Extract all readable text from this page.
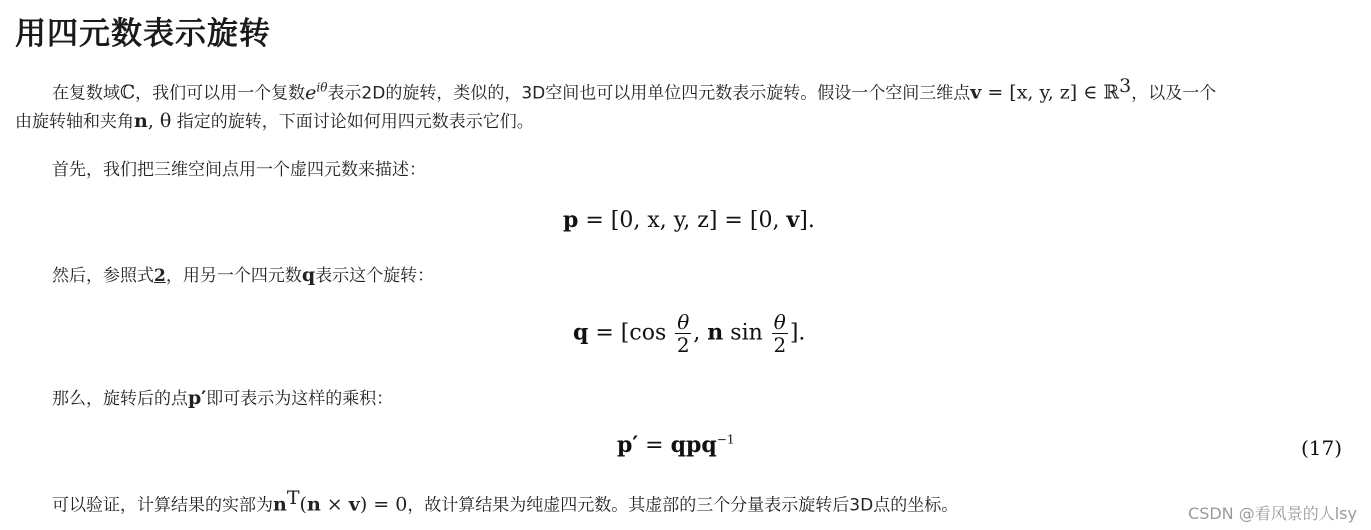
用四元数表示旋转
在复数域ℂ，我们可以用一个复数$e^{i\theta}$表示2D的旋转，类似的，3D空间也可以用单位四元数表示旋转。假设一个空间三维点v = [x, y, z] ∈ ℝ$^3$，以及一个
由旋转轴和夹角n, θ 指定的旋转，下面讨论如何用四元数表示它们。
首先，我们把三维空间点用一个虚四元数来描述：
p = [0, x, y, z] = [0, v].
然后，参照式2，用另一个四元数q表示这个旋转：
$q = [\cos \frac{\theta}{2}$ , n $\sin \frac{\theta}{2}$ ].
那么，旋转后的点p′即可表示为这样的乘积：
p′ = qpq$^{-1}$	(17)
可以验证，计算结果的实部为$n^T(n \times v) = 0$，故计算结果为纯虚四元数。其虚部的三个分量表示旋转后3D点的坐标。	CSDN @看风景的人lsy
